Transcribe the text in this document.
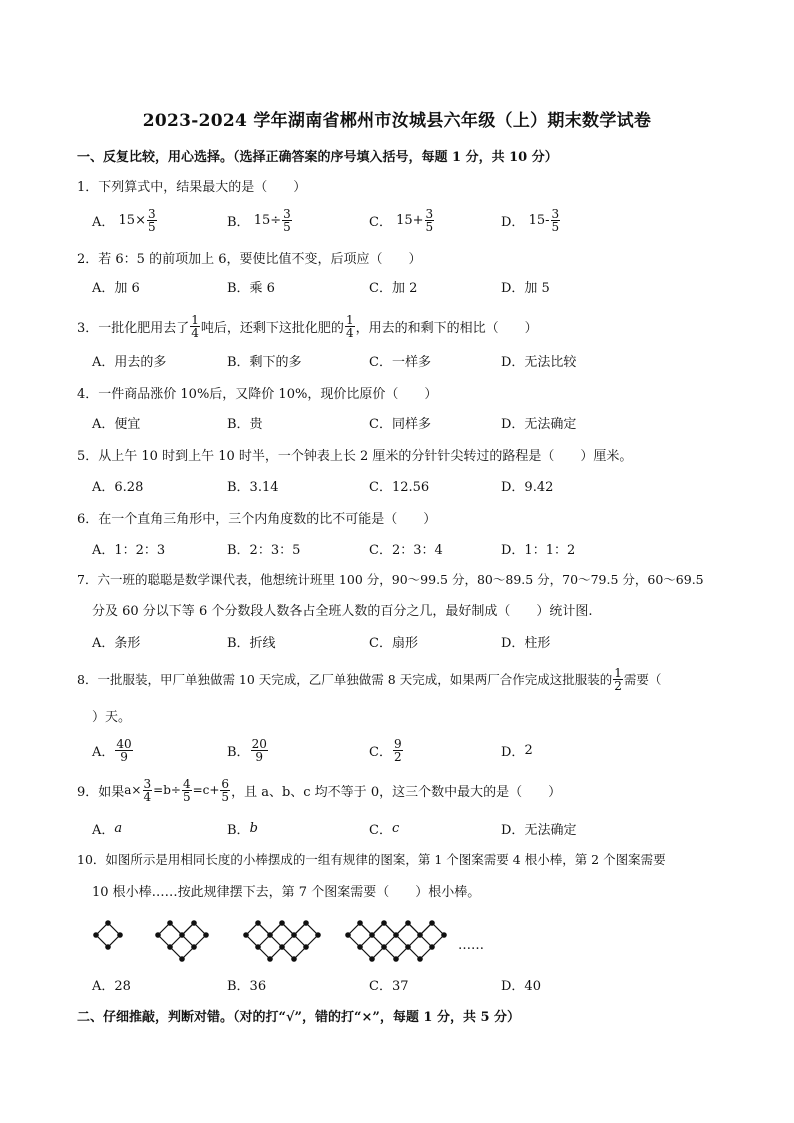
2023-2024 学年湖南省郴州市汝城县六年级（上）期末数学试卷
一、反复比较，用心选择。（选择正确答案的序号填入括号，每题 1 分，共 10 分）
1．下列算式中，结果最大的是（　　）
A．
$15\times \frac{3}{5}$	B．
$15\div \frac{3}{5}$	C．
$15+ \frac{3}{5}$	D．
$15- \frac{3}{5}$
2．若 6：5 的前项加上 6，要使比值不变，后项应（　　）
A．加 6	B．乘 6	C．加 2	D．加 5
3．一批化肥用去了 $\frac{1}{4}$ 吨后，还剩下这批化肥的 $\frac{1}{4}$ ，用去的和剩下的相比（　　）
A．用去的多	B．剩下的多	C．一样多	D．无法比较
4．一件商品涨价 10%后，又降价 10%，现价比原价（　　）
A．便宜	B．贵	C．同样多	D．无法确定
5．从上午 10 时到上午 10 时半，一个钟表上长 2 厘米的分针针尖转过的路程是（　　）厘米。
A．6.28	B．3.14	C．12.56	D．9.42
6．在一个直角三角形中，三个内角度数的比不可能是（　　）
A．1：2：3	B．2：3：5	C．2：3：4	D．1：1：2
7．六一班的聪聪是数学课代表，他想统计班里 100 分，90～99.5 分，80～89.5 分，70～79.5 分，60～69.5
分及 60 分以下等 6 个分数段人数各占全班人数的百分之几，最好制成（　　）统计图.
A．条形	B．折线	C．扇形	D．柱形
8．一批服装，甲厂单独做需 10 天完成，乙厂单独做需 8 天完成，如果两厂合作完成这批服装的 $\frac{1}{2}$ 需要（
）天。
A． $\frac{40}{9}$	B． $\frac{20}{9}$	C． $\frac{9}{2}$	D． 2
9．如果 $a\times \frac{3}{4} =b\div \frac{4}{5} =c+ \frac{6}{5}$ ，且 a、b、c 均不等于 0，这三个数中最大的是（　　）
A． a	B． b	C． c	D． 无法确定
10．如图所示是用相同长度的小棒摆成的一组有规律的图案，第 1 个图案需要 4 根小棒，第 2 个图案需要
10 根小棒……按此规律摆下去，第 7 个图案需要（　　）根小棒。
……
A．28	B．36	C．37	D．40
二、仔细推敲，判断对错。（对的打“√”，错的打“×”，每题 1 分，共 5 分）
